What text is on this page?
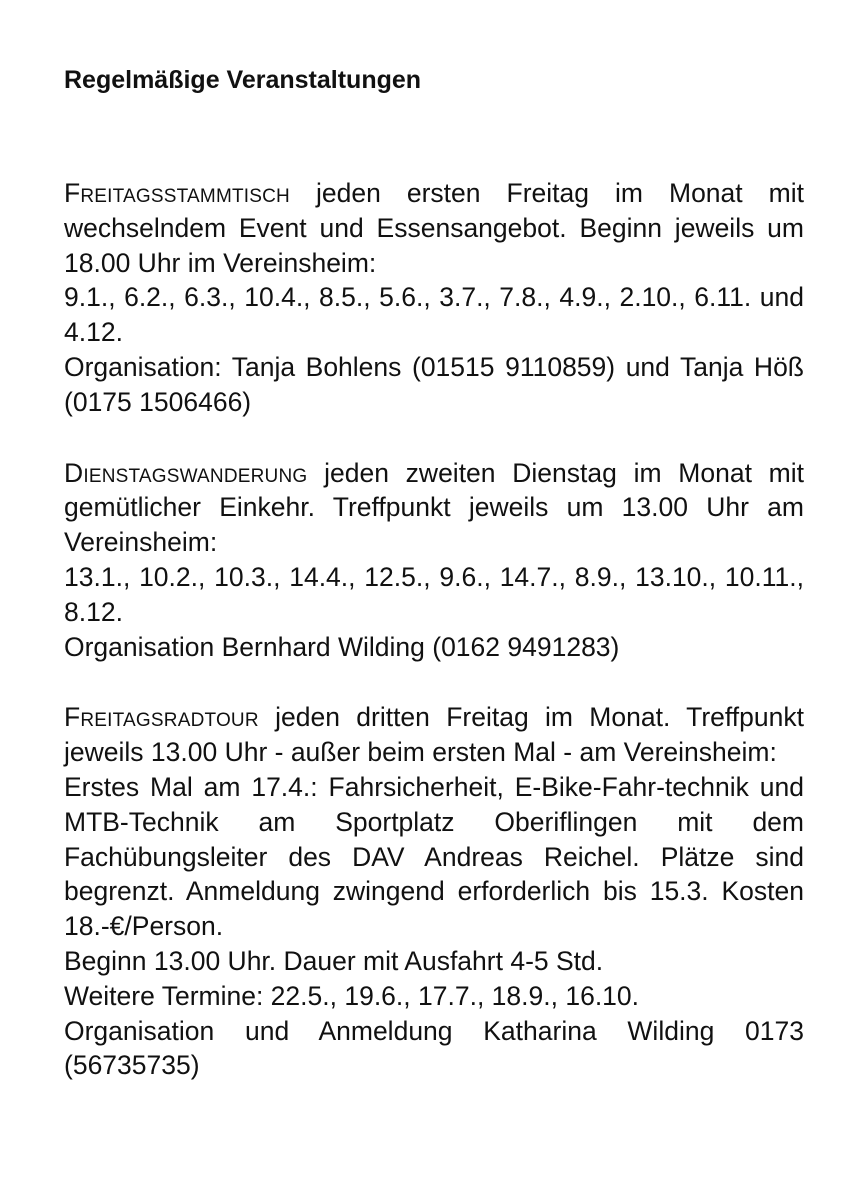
Regelmäßige Veranstaltungen

Freitagsstammtisch jeden ersten Freitag im Monat mit wechselndem Event und Essensangebot. Beginn jeweils um 18.00 Uhr im Vereinsheim:

9.1., 6.2., 6.3., 10.4., 8.5., 5.6., 3.7., 7.8., 4.9., 2.10., 6.11. und 4.12.

Organisation: Tanja Bohlens (01515 9110859) und Tanja Höß (0175 1506466)

Dienstagswanderung jeden zweiten Dienstag im Monat mit gemütlicher Einkehr. Treffpunkt jeweils um 13.00 Uhr am Vereinsheim:

13.1., 10.2., 10.3., 14.4., 12.5., 9.6., 14.7., 8.9., 13.10., 10.11., 8.12.

Organisation Bernhard Wilding (0162 9491283)

Freitagsradtour jeden dritten Freitag im Monat. Treffpunkt jeweils 13.00 Uhr - außer beim ersten Mal - am Vereinsheim:

Erstes Mal am 17.4.: Fahrsicherheit, E-Bike-Fahr-technik und MTB-Technik am Sportplatz Oberiflingen mit dem Fachübungsleiter des DAV Andreas Reichel. Plätze sind begrenzt. Anmeldung zwingend erforderlich bis 15.3. Kosten 18.-€/Person.

Beginn 13.00 Uhr. Dauer mit Ausfahrt 4-5 Std.

Weitere Termine: 22.5., 19.6., 17.7., 18.9., 16.10.

Organisation und Anmeldung Katharina Wilding 0173 (56735735)
